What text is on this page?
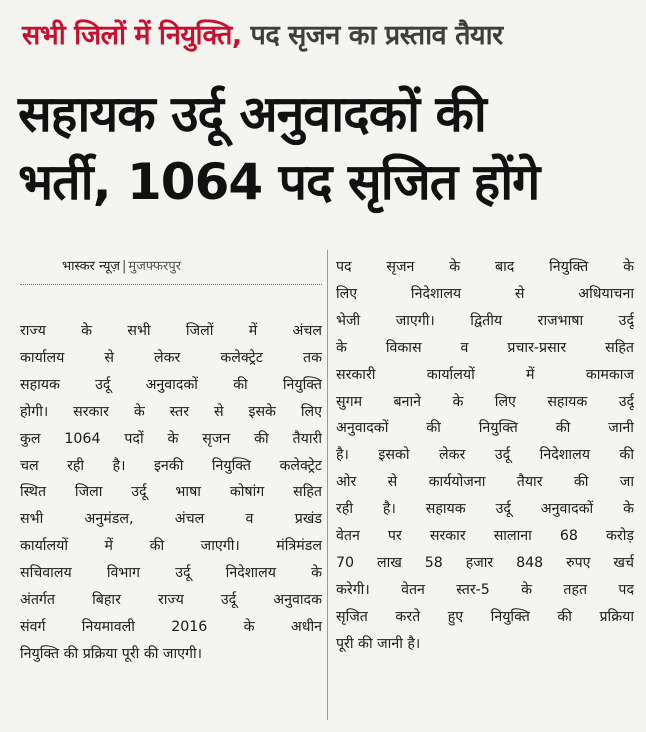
सभी जिलों में नियुक्ति, पद सृजन का प्रस्ताव तैयार
सहायक उर्दू अनुवादकों की
भर्ती, 1064 पद सृजित होंगे
भास्कर न्यूज़ | मुजफ्फरपुर
राज्य के सभी जिलों में अंचल
कार्यालय से लेकर कलेक्ट्रेट तक
सहायक उर्दू अनुवादकों की नियुक्ति
होगी। सरकार के स्तर से इसके लिए
कुल 1064 पदों के सृजन की तैयारी
चल रही है। इनकी नियुक्ति कलेक्ट्रेट
स्थित जिला उर्दू भाषा कोषांग सहित
सभी अनुमंडल, अंचल व प्रखंड
कार्यालयों में की जाएगी। मंत्रिमंडल
सचिवालय विभाग उर्दू निदेशालय के
अंतर्गत बिहार राज्य उर्दू अनुवादक
संवर्ग नियमावली 2016 के अधीन
नियुक्ति की प्रक्रिया पूरी की जाएगी।
पद सृजन के बाद नियुक्ति के
लिए निदेशालय से अधियाचना
भेजी जाएगी। द्वितीय राजभाषा उर्दू
के विकास व प्रचार-प्रसार सहित
सरकारी कार्यालयों में कामकाज
सुगम बनाने के लिए सहायक उर्दू
अनुवादकों की नियुक्ति की जानी
है। इसको लेकर उर्दू निदेशालय की
ओर से कार्ययोजना तैयार की जा
रही है। सहायक उर्दू अनुवादकों के
वेतन पर सरकार सालाना 68 करोड़
70 लाख 58 हजार 848 रुपए खर्च
करेगी। वेतन स्तर-5 के तहत पद
सृजित करते हुए नियुक्ति की प्रक्रिया
पूरी की जानी है।
